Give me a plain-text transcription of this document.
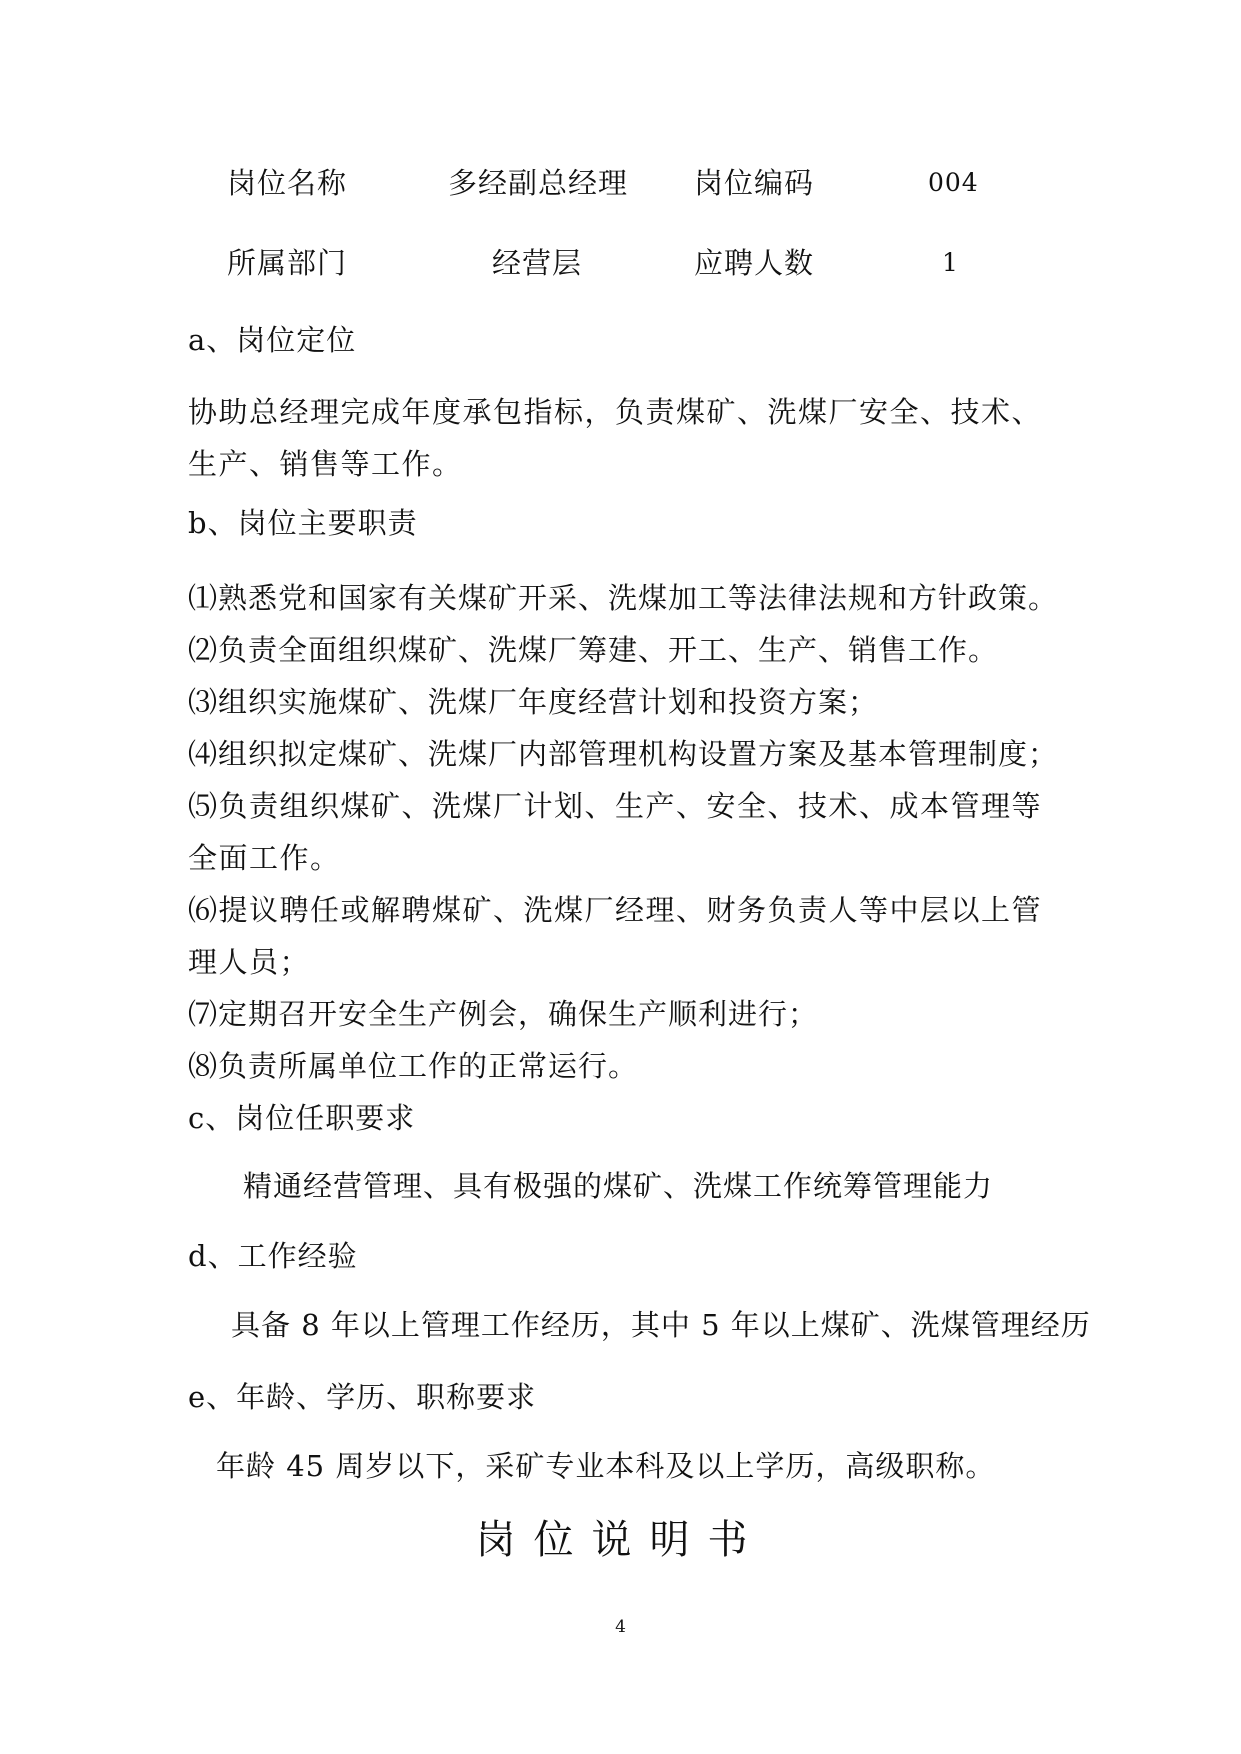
岗位名称	多经副总经理 岗位编码	004
所属部门	经营层	应聘人数	1
a、岗位定位
协助总经理完成年度承包指标，负责煤矿、洗煤厂安全、技术、生产、销售等工作。
b、岗位主要职责
⑴熟悉党和国家有关煤矿开采、洗煤加工等法律法规和方针政策。
⑵负责全面组织煤矿、洗煤厂筹建、开工、生产、销售工作。
⑶组织实施煤矿、洗煤厂年度经营计划和投资方案；
⑷组织拟定煤矿、洗煤厂内部管理机构设置方案及基本管理制度；
⑸负责组织煤矿、洗煤厂计划、生产、安全、技术、成本管理等全面工作。
⑹提议聘任或解聘煤矿、洗煤厂经理、财务负责人等中层以上管理人员；
⑺定期召开安全生产例会，确保生产顺利进行；
⑻负责所属单位工作的正常运行。
c、岗位任职要求
精通经营管理、具有极强的煤矿、洗煤工作统筹管理能力
d、工作经验
具备 8 年以上管理工作经历，其中 5 年以上煤矿、洗煤管理经历
e、年龄、学历、职称要求
年龄 45 周岁以下，采矿专业本科及以上学历，高级职称。
岗位说明书
4
